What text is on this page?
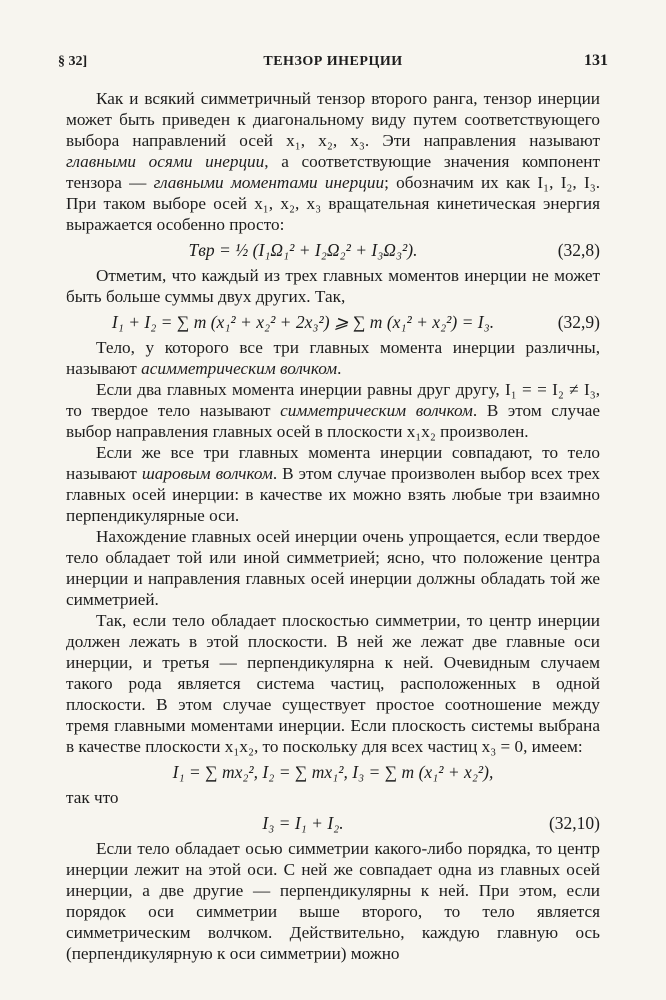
§ 32]	ТЕНЗОР ИНЕРЦИИ	131

Как и всякий симметричный тензор второго ранга, тензор инерции может быть приведен к диагональному виду путем соответствующего выбора направлений осей x₁, x₂, x₃. Эти направления называют главными осями инерции, а соответствующие значения компонент тензора — главными моментами инерции; обозначим их как I₁, I₂, I₃. При таком выборе осей x₁, x₂, x₃ вращательная кинетическая энергия выражается особенно просто:

Tвр = ½ (I₁Ω₁² + I₂Ω₂² + I₃Ω₃²).	(32,8)

Отметим, что каждый из трех главных моментов инерции не может быть больше суммы двух других. Так,

I₁ + I₂ = ∑ m (x₁² + x₂² + 2x₃²) ⩾ ∑ m (x₁² + x₂²) = I₃.	(32,9)

Тело, у которого все три главных момента инерции различны, называют асимметрическим волчком.

Если два главных момента инерции равны друг другу, I₁ = = I₂ ≠ I₃, то твердое тело называют симметрическим волчком. В этом случае выбор направления главных осей в плоскости x₁x₂ произволен.

Если же все три главных момента инерции совпадают, то тело называют шаровым волчком. В этом случае произволен выбор всех трех главных осей инерции: в качестве их можно взять любые три взаимно перпендикулярные оси.

Нахождение главных осей инерции очень упрощается, если твердое тело обладает той или иной симметрией; ясно, что положение центра инерции и направления главных осей инерции должны обладать той же симметрией.

Так, если тело обладает плоскостью симметрии, то центр инерции должен лежать в этой плоскости. В ней же лежат две главные оси инерции, и третья — перпендикулярна к ней. Очевидным случаем такого рода является система частиц, расположенных в одной плоскости. В этом случае существует простое соотношение между тремя главными моментами инерции. Если плоскость системы выбрана в качестве плоскости x₁x₂, то поскольку для всех частиц x₃ = 0, имеем:

I₁ = ∑ mx₂², I₂ = ∑ mx₁², I₃ = ∑ m (x₁² + x₂²),

так что

I₃ = I₁ + I₂.	(32,10)

Если тело обладает осью симметрии какого-либо порядка, то центр инерции лежит на этой оси. С ней же совпадает одна из главных осей инерции, а две другие — перпендикулярны к ней. При этом, если порядок оси симметрии выше второго, то тело является симметрическим волчком. Действительно, каждую главную ось (перпендикулярную к оси симметрии) можно
